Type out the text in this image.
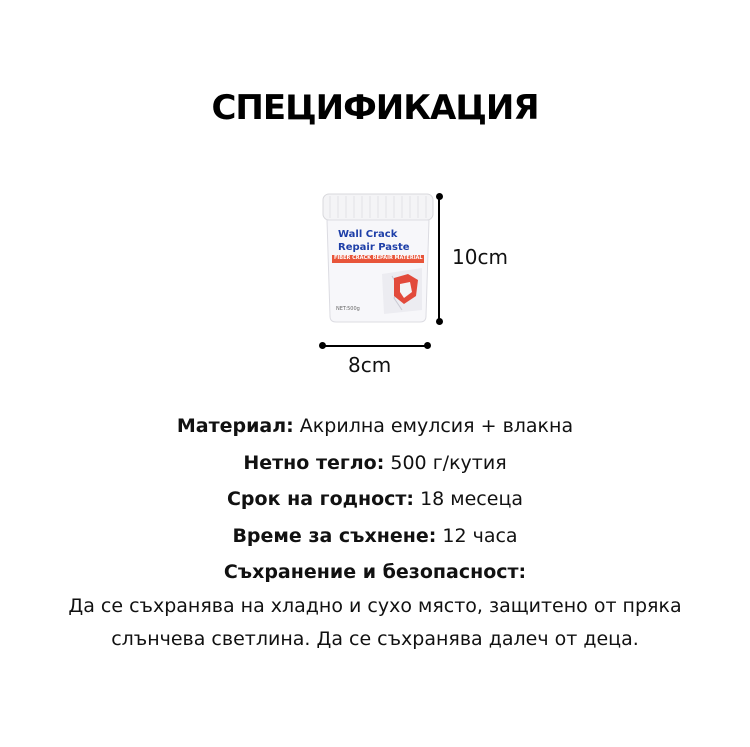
СПЕЦИФИКАЦИЯ
Wall Crack
Repair Paste
FIBER CRACK REPAIR MATERIAL
NET:500g
10cm
8cm
Материал: Акрилна емулсия + влакна
Нетно тегло: 500 г/кутия
Срок на годност: 18 месеца
Време за съхнене: 12 часа
Съхранение и безопасност:
Да се съхранява на хладно и сухо място, защитено от пряка слънчева светлина. Да се съхранява далеч от деца.
